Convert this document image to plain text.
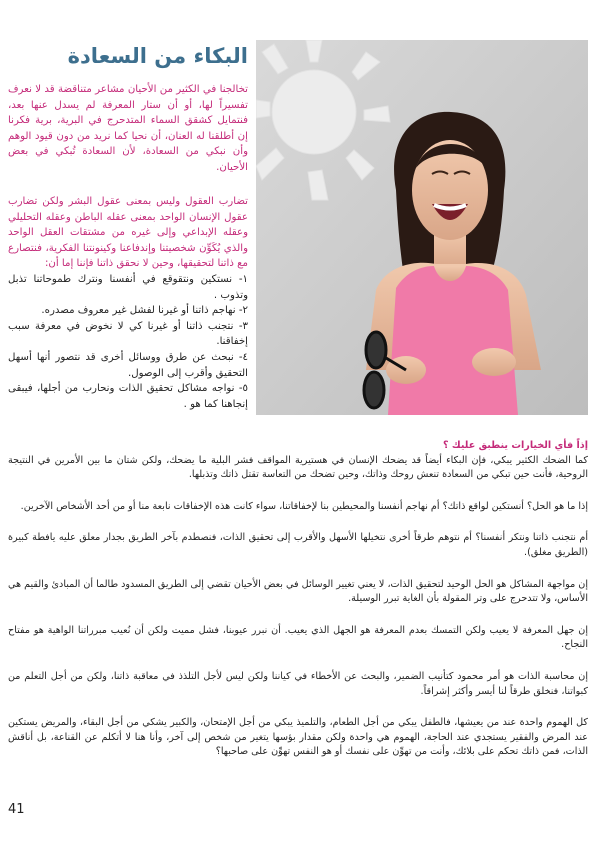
البكاء من السعادة

تخالجنا في الكثير من الأحيان مشاعر متناقضة قد لا نعرف تفسيراً لها، أو أن ستار المعرفة لم يسدل عنها بعد، فنتمايل كشقق السماء المتدحرج في البرية، برية فكرنا إن أطلقنا له العنان، أن نحيا كما نريد من دون قيود الوهم وأن نبكي من السعادة، لأن السعادة تُبكي في بعض الأحيان.

تضارب العقول وليس بمعنى عقول البشر ولكن تضارب عقول الإنسان الواحد بمعنى عقله الباطن وعقله التحليلي وعقله الإبداعي وإلى غيره من مشتقات العقل الواحد والذي يُكَوِّن شخصيتنا وإندفاعنا وكينونتنا الفكرية، فنتصارع مع ذاتنا لتحقيقها، وحين لا نحقق ذاتنا فإننا إما أن:

١- نستكين ونتقوقع في أنفسنا ونترك طموحاتنا تذبل وتذوب .

٢- نهاجم ذاتنا أو غيرنا لفشل غير معروف مصدره.

٣- نتجنب ذاتنا أو غيرنا كي لا نخوض في معرفة سبب إخفاقنا.

٤- نبحث عن طرق ووسائل أخرى قد نتصور أنها أسهل التحقيق وأقرب إلى الوصول.

٥- نواجه مشاكل تحقيق الذات ونحارب من أجلها، فيبقى إنجاهنا كما هو .

إذاً فأي الخيارات ينطبق عليك ؟

كما الضحك الكثير يبكي، فإن البكاء أيضاً قد يضحك الإنسان في هستيرية المواقف فشر البلية ما يضحك، ولكن شتان ما بين الأمرين في النتيجة الروحية، فأنت حين تبكي من السعادة تنعش روحك وذاتك، وحين تضحك من التعاسة تقتل ذاتك وتذبلها.

إذا ما هو الحل؟ أنستكين لواقع ذاتك؟ أم نهاجم أنفسنا والمحيطين بنا لإخفاقاتنا، سواء كانت هذه الإخفاقات نابعة منا أو من أحد الأشخاص الآخرين.

أم نتجنب ذاتنا ونتكر أنفسنا؟ أم نتوهم طرقاً أخرى نتخيلها الأسهل والأقرب إلى تحقيق الذات، فنصطدم بآخر الطريق بجدار معلق عليه يافطة كبيرة (الطريق مغلق).

إن مواجهة المشاكل هو الحل الوحيد لتحقيق الذات، لا يعني تغيير الوسائل في بعض الأحيان تقضي إلى الطريق المسدود طالما أن المبادئ والقيم هي الأساس، ولا تتدحرج على وتر المقولة بأن الغاية تبرر الوسيلة.

إن جهل المعرفة لا يعيب ولكن التمسك بعدم المعرفة هو الجهل الذي يعيب. أن نبرر عيوبنا، فشل مميت ولكن أن نُعيب مبرراتنا الواهية هو مفتاح النجاح.

إن محاسبة الذات هو أمر محمود كتأنيب الضمير، والبحث عن الأخطاء في كياننا ولكن ليس لأجل التلذذ في معاقبة ذاتنا، ولكن من أجل التعلم من كبواتنا، فنخلق طرقاً لنا أيسر وأكثر إشراقاً.

كل الهموم واحدة عند من يعيشها، فالطفل يبكي من أجل الطعام، والتلميذ يبكي من أجل الإمتحان، والكبير يشكي من أجل البقاء، والمريض يستكين عند المرض والفقير يستجدي عند الحاجة، الهموم هي واحدة ولكن مقدار بؤسها يتغير من شخص إلى آخر، وأنا هنا لا أتكلم عن القناعة، بل أناقش الذات، فمن ذاتك تحكم على بلائك، وأنت من تهوِّن على نفسك أو هو النفس تهوِّن على صاحبها؟

41
